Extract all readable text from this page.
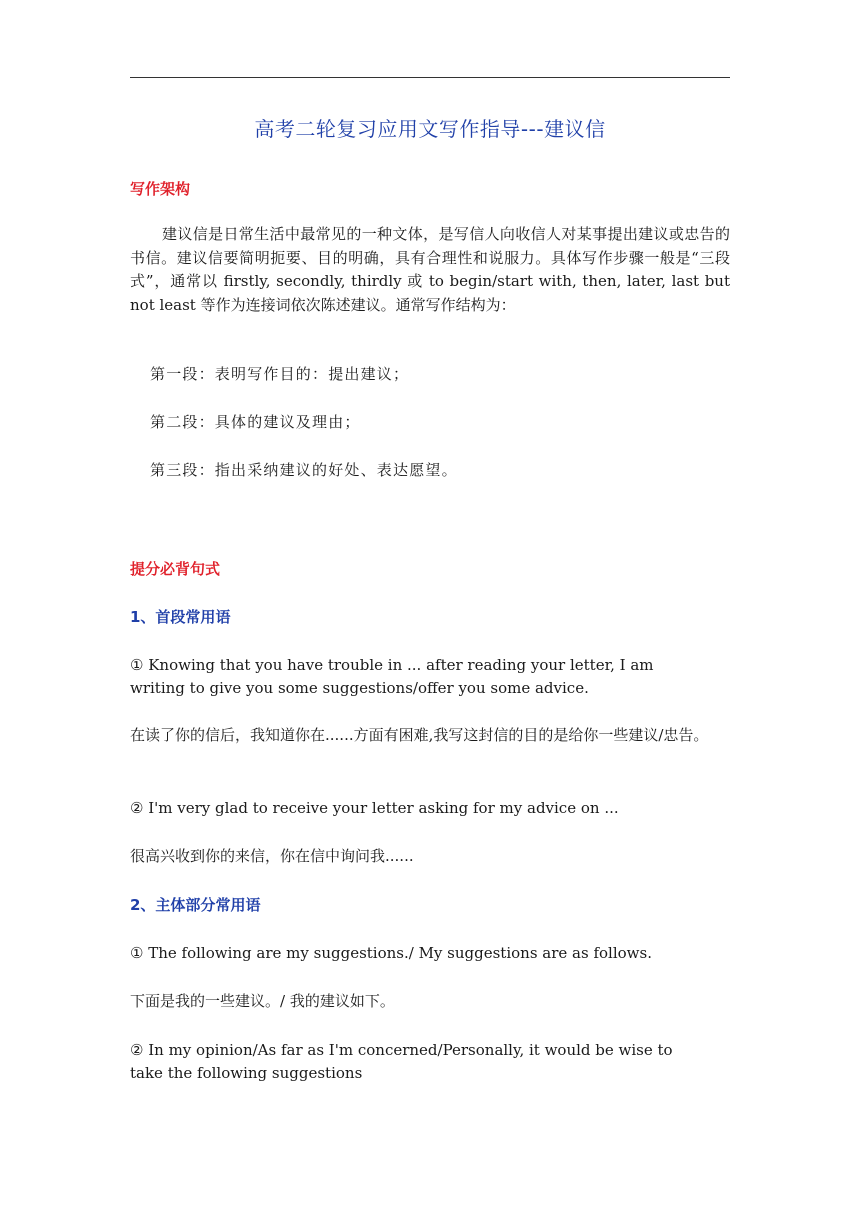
高考二轮复习应用文写作指导---建议信
写作架构
建议信是日常生活中最常见的一种文体，是写信人向收信人对某事提出建议或忠告的书信。建议信要简明扼要、目的明确，具有合理性和说服力。具体写作步骤一般是“三段式”，通常以 firstly, secondly, thirdly 或 to begin/start with, then, later, last but not least 等作为连接词依次陈述建议。通常写作结构为：
第一段：表明写作目的：提出建议；
第二段：具体的建议及理由；
第三段：指出采纳建议的好处、表达愿望。
提分必背句式
1、首段常用语
① Knowing that you have trouble in ... after reading your letter, I am
writing to give you some suggestions/offer you some advice.
在读了你的信后，我知道你在......方面有困难,我写这封信的目的是给你一些建议/忠告。
② I'm very glad to receive your letter asking for my advice on ...
很高兴收到你的来信，你在信中询问我......
2、主体部分常用语
① The following are my suggestions./ My suggestions are as follows.
下面是我的一些建议。/ 我的建议如下。
② In my opinion/As far as I'm concerned/Personally, it would be wise to
take the following suggestions
